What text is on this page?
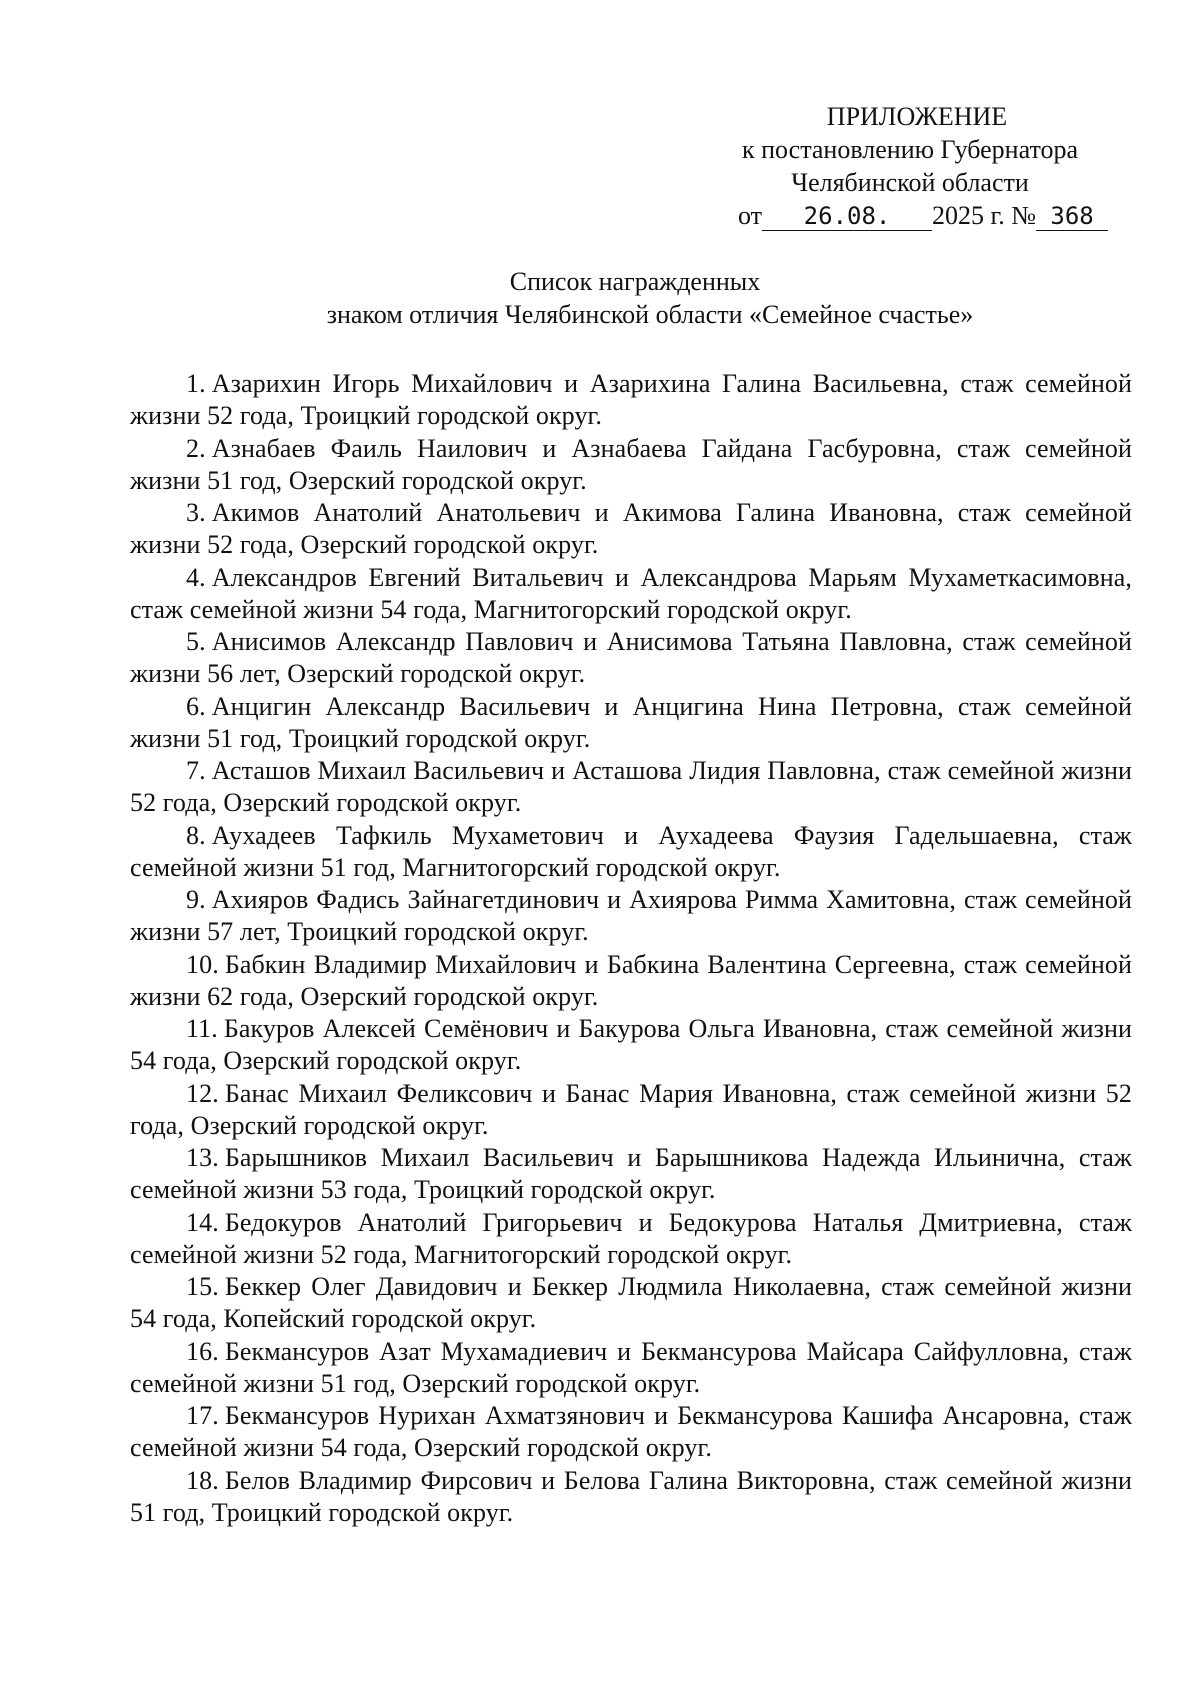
ПРИЛОЖЕНИЕ
к постановлению Губернатора
Челябинской области
от 26.08. 2025 г. № 368
Список награжденных
знаком отличия Челябинской области «Семейное счастье»
1. Азарихин Игорь Михайлович и Азарихина Галина Васильевна, стаж семейной жизни 52 года, Троицкий городской округ.
2. Азнабаев Фаиль Наилович и Азнабаева Гайдана Гасбуровна, стаж семейной жизни 51 год, Озерский городской округ.
3. Акимов Анатолий Анатольевич и Акимова Галина Ивановна, стаж семейной жизни 52 года, Озерский городской округ.
4. Александров Евгений Витальевич и Александрова Марьям Мухаметкасимовна, стаж семейной жизни 54 года, Магнитогорский городской округ.
5. Анисимов Александр Павлович и Анисимова Татьяна Павловна, стаж семейной жизни 56 лет, Озерский городской округ.
6. Анцигин Александр Васильевич и Анцигина Нина Петровна, стаж семейной жизни 51 год, Троицкий городской округ.
7. Асташов Михаил Васильевич и Асташова Лидия Павловна, стаж семейной жизни 52 года, Озерский городской округ.
8. Аухадеев Тафкиль Мухаметович и Аухадеева Фаузия Гадельшаевна, стаж семейной жизни 51 год, Магнитогорский городской округ.
9. Ахияров Фадись Зайнагетдинович и Ахиярова Римма Хамитовна, стаж семейной жизни 57 лет, Троицкий городской округ.
10. Бабкин Владимир Михайлович и Бабкина Валентина Сергеевна, стаж семейной жизни 62 года, Озерский городской округ.
11. Бакуров Алексей Семёнович и Бакурова Ольга Ивановна, стаж семейной жизни 54 года, Озерский городской округ.
12. Банас Михаил Феликсович и Банас Мария Ивановна, стаж семейной жизни 52 года, Озерский городской округ.
13. Барышников Михаил Васильевич и Барышникова Надежда Ильинична, стаж семейной жизни 53 года, Троицкий городской округ.
14. Бедокуров Анатолий Григорьевич и Бедокурова Наталья Дмитриевна, стаж семейной жизни 52 года, Магнитогорский городской округ.
15. Беккер Олег Давидович и Беккер Людмила Николаевна, стаж семейной жизни 54 года, Копейский городской округ.
16. Бекмансуров Азат Мухамадиевич и Бекмансурова Майсара Сайфулловна, стаж семейной жизни 51 год, Озерский городской округ.
17. Бекмансуров Нурихан Ахматзянович и Бекмансурова Кашифа Ансаровна, стаж семейной жизни 54 года, Озерский городской округ.
18. Белов Владимир Фирсович и Белова Галина Викторовна, стаж семейной жизни 51 год, Троицкий городской округ.
